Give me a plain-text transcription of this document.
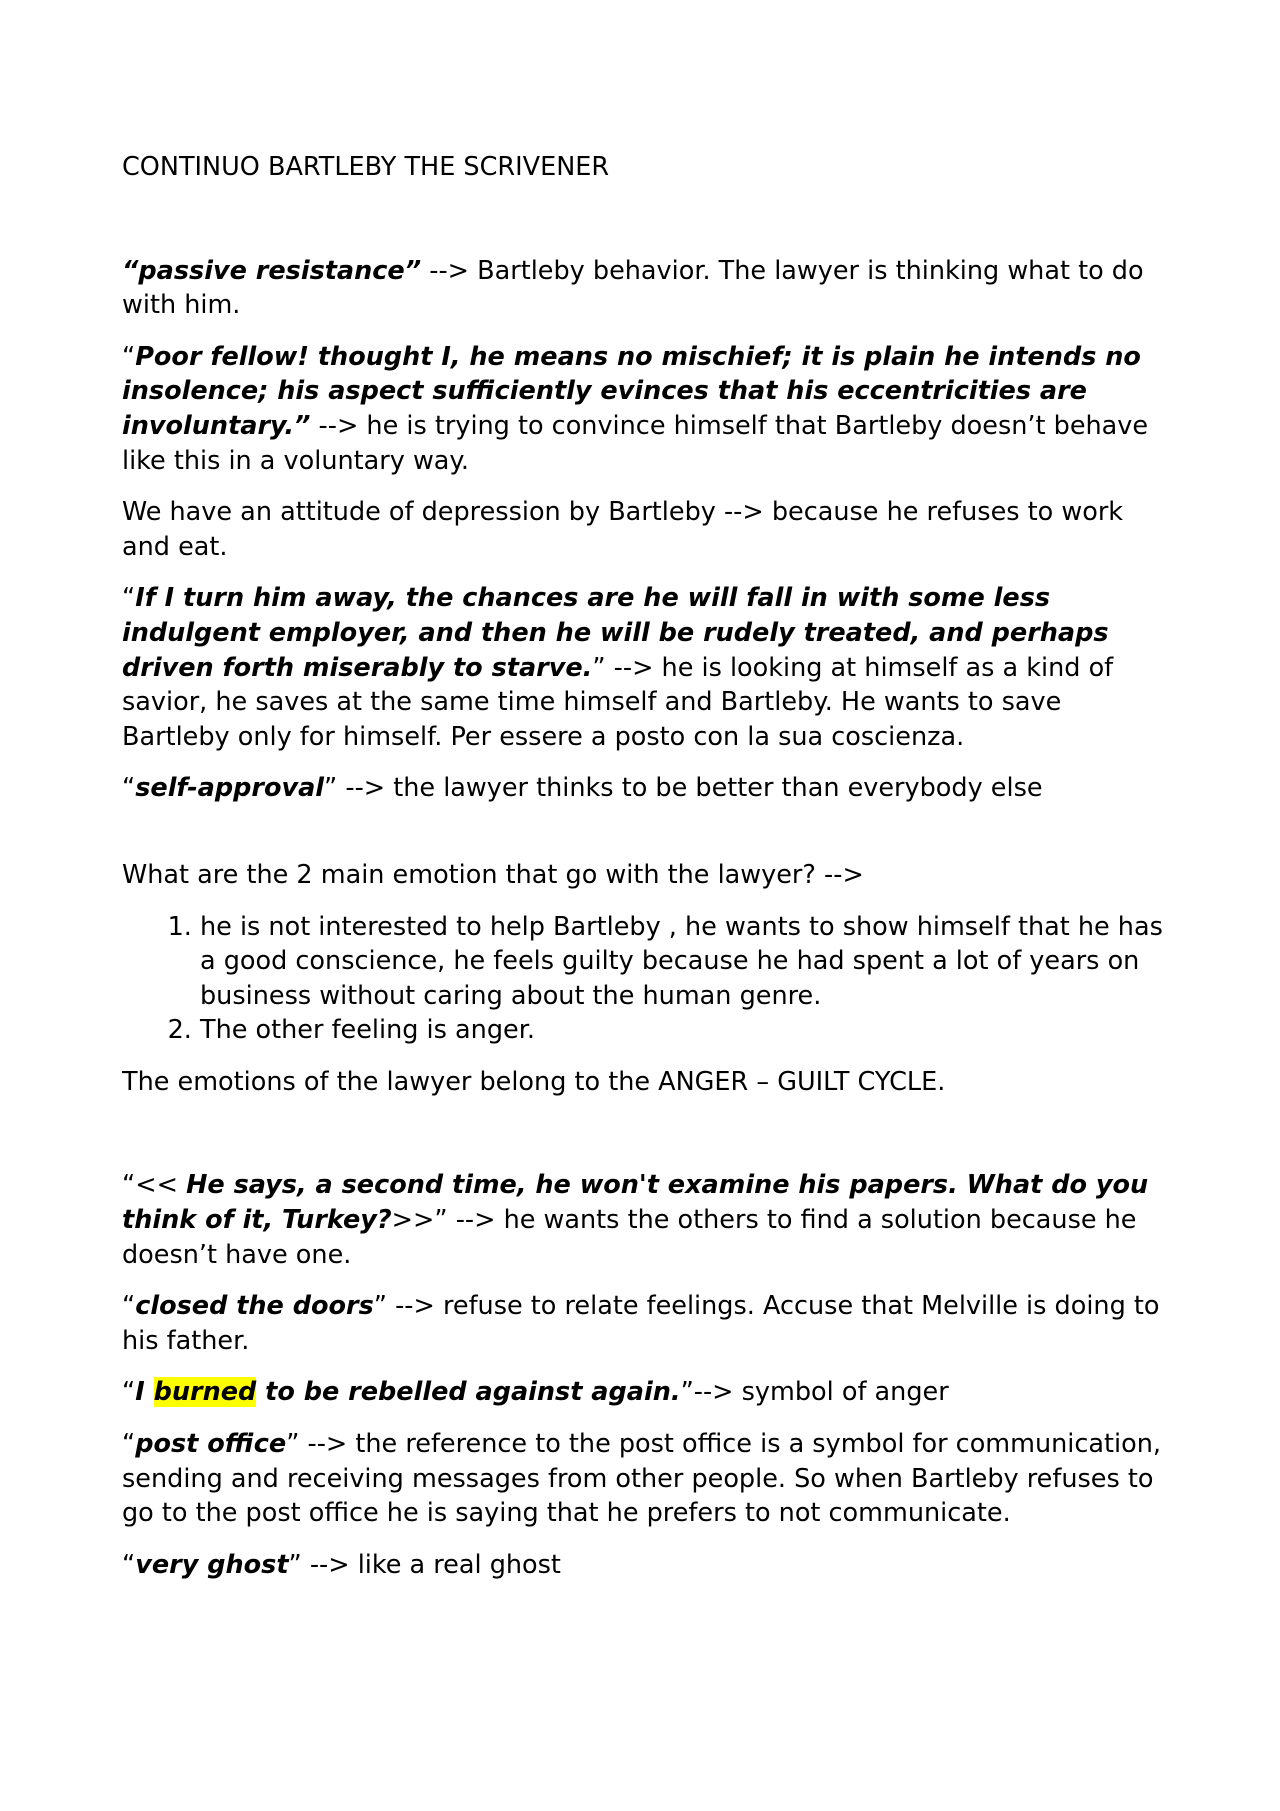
CONTINUO BARTLEBY THE SCRIVENER

“passive resistance” --> Bartleby behavior. The lawyer is thinking what to do with him.

“Poor fellow! thought I, he means no mischief; it is plain he intends no insolence; his aspect sufficiently evinces that his eccentricities are involuntary.” --> he is trying to convince himself that Bartleby doesn’t behave like this in a voluntary way.

We have an attitude of depression by Bartleby --> because he refuses to work and eat.

“If I turn him away, the chances are he will fall in with some less indulgent employer, and then he will be rudely treated, and perhaps driven forth miserably to starve.” --> he is looking at himself as a kind of savior, he saves at the same time himself and Bartleby. He wants to save Bartleby only for himself. Per essere a posto con la sua coscienza.

“self-approval” --> the lawyer thinks to be better than everybody else

What are the 2 main emotion that go with the lawyer? -->

1. he is not interested to help Bartleby , he wants to show himself that he has a good conscience, he feels guilty because he had spent a lot of years on business without caring about the human genre.
2. The other feeling is anger.

The emotions of the lawyer belong to the ANGER – GUILT CYCLE.

“<< He says, a second time, he won't examine his papers. What do you think of it, Turkey?>>” --> he wants the others to find a solution because he doesn’t have one.

“closed the doors” --> refuse to relate feelings. Accuse that Melville is doing to his father.

“I burned to be rebelled against again.”--> symbol of anger

“post office” --> the reference to the post office is a symbol for communication, sending and receiving messages from other people. So when Bartleby refuses to go to the post office he is saying that he prefers to not communicate.

“very ghost” --> like a real ghost
